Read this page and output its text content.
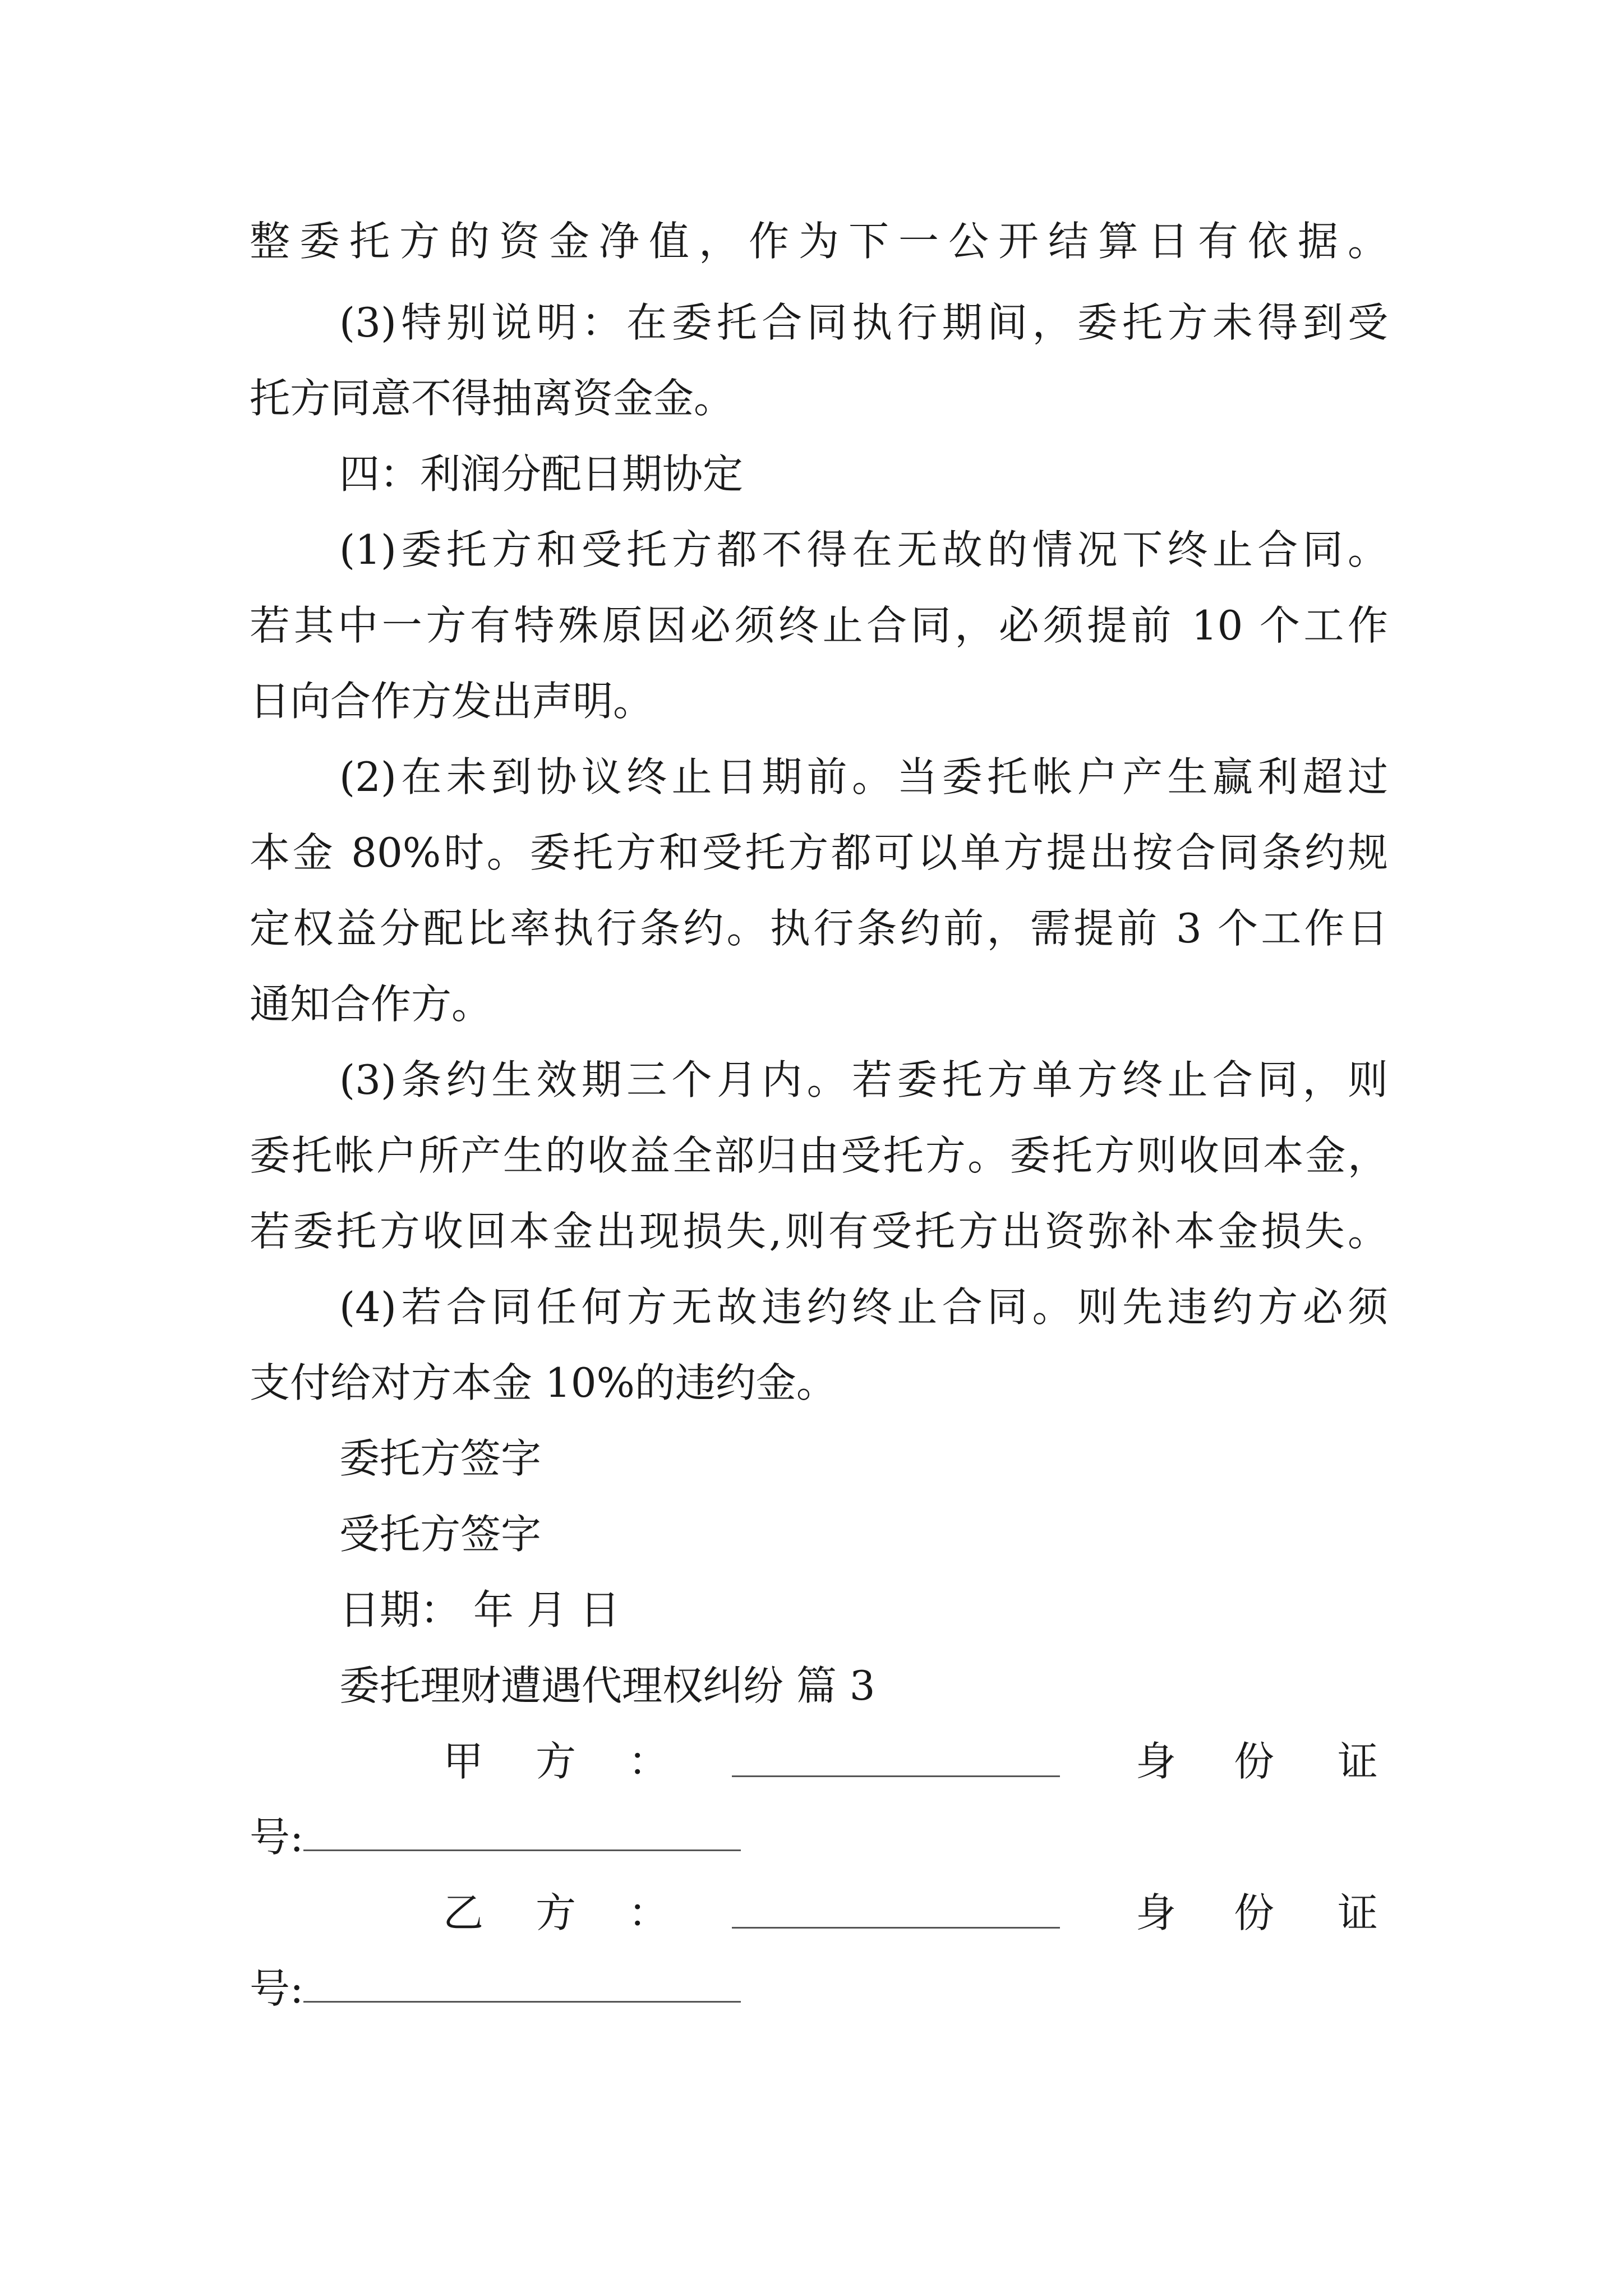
整委托方的资金净值，作为下一公开结算日有依据。
(3)特别说明：在委托合同执行期间，委托方未得到受
托方同意不得抽离资金金。
四：利润分配日期协定
(1)委托方和受托方都不得在无故的情况下终止合同。
若其中一方有特殊原因必须终止合同，必须提前 10 个工作
日向合作方发出声明。
(2)在未到协议终止日期前。当委托帐户产生赢利超过
本金 80%时。委托方和受托方都可以单方提出按合同条约规
定权益分配比率执行条约。执行条约前，需提前 3 个工作日
通知合作方。
(3)条约生效期三个月内。若委托方单方终止合同，则
委托帐户所产生的收益全部归由受托方。委托方则收回本金，
若委托方收回本金出现损失,则有受托方出资弥补本金损失。
(4)若合同任何方无故违约终止合同。则先违约方必须
支付给对方本金 10%的违约金。
委托方签字
受托方签字
日期： 年 月 日
委托理财遭遇代理权纠纷 篇 3
甲 方 ：	身 份 证
号:
乙 方 ：	身 份 证
号:
